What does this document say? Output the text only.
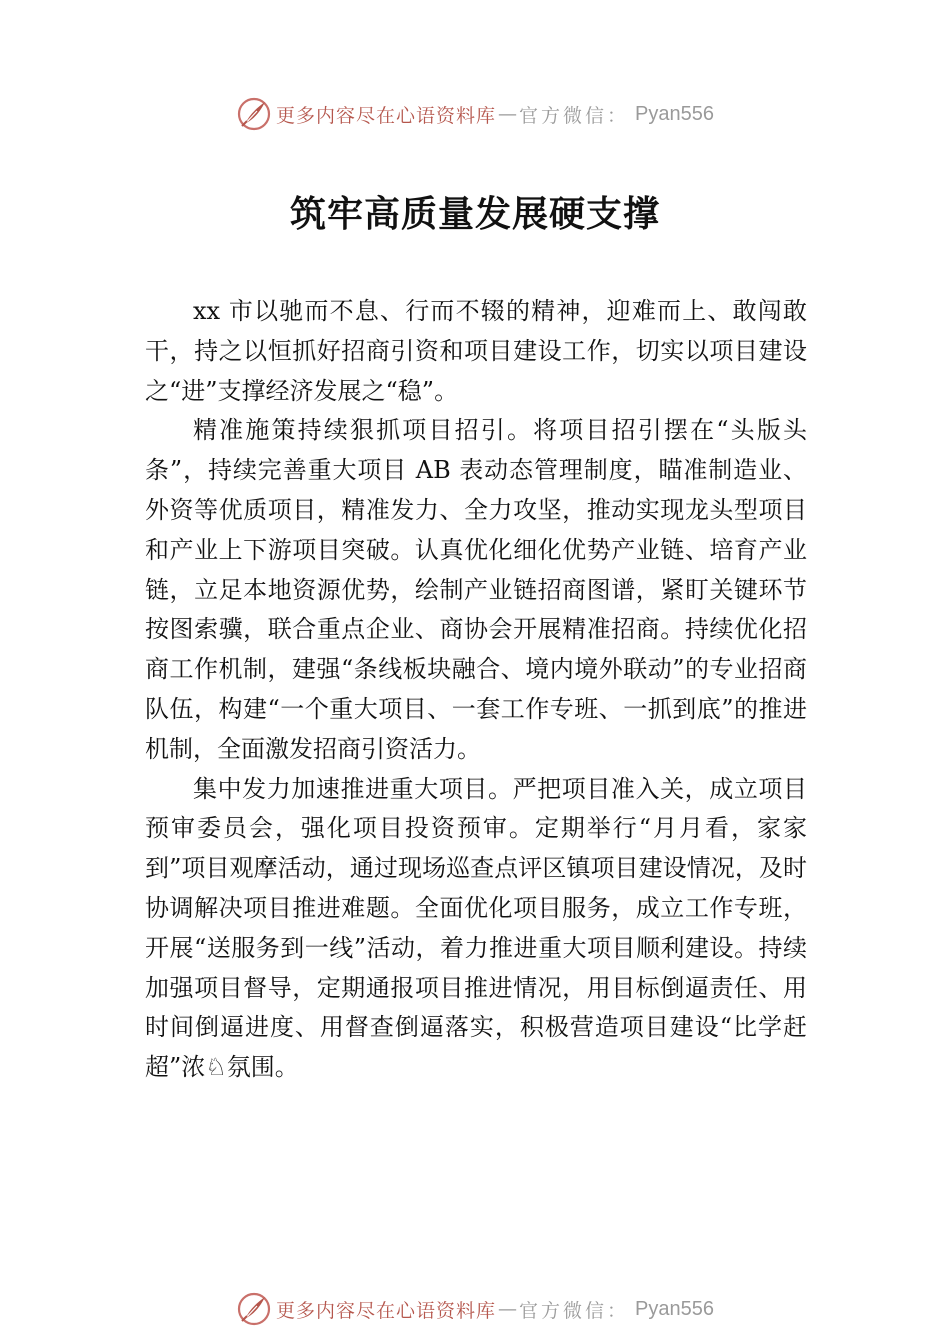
更多内容尽在心语资料库 — 官方微信： Pyan556
筑牢高质量发展硬支撑

xx 市以驰而不息、行而不辍的精神，迎难而上、敢闯敢干，持之以恒抓好招商引资和项目建设工作，切实以项目建设之“进”支撑经济发展之“稳”。

精准施策持续狠抓项目招引。将项目招引摆在“头版头条”，持续完善重大项目 AB 表动态管理制度，瞄准制造业、外资等优质项目，精准发力、全力攻坚，推动实现龙头型项目和产业上下游项目突破。认真优化细化优势产业链、培育产业链，立足本地资源优势，绘制产业链招商图谱，紧盯关键环节按图索骥，联合重点企业、商协会开展精准招商。持续优化招商工作机制，建强“条线板块融合、境内境外联动”的专业招商队伍，构建“一个重大项目、一套工作专班、一抓到底”的推进机制，全面激发招商引资活力。

集中发力加速推进重大项目。严把项目准入关，成立项目预审委员会，强化项目投资预审。定期举行“月月看，家家到”项目观摩活动，通过现场巡查点评区镇项目建设情况，及时协调解决项目推进难题。全面优化项目服务，成立工作专班，开展“送服务到一线”活动，着力推进重大项目顺利建设。持续加强项目督导，定期通报项目推进情况，用目标倒逼责任、用时间倒逼进度、用督查倒逼落实，积极营造项目建设“比学赶超”浓♘氛围。

更多内容尽在心语资料库 — 官方微信： Pyan556
